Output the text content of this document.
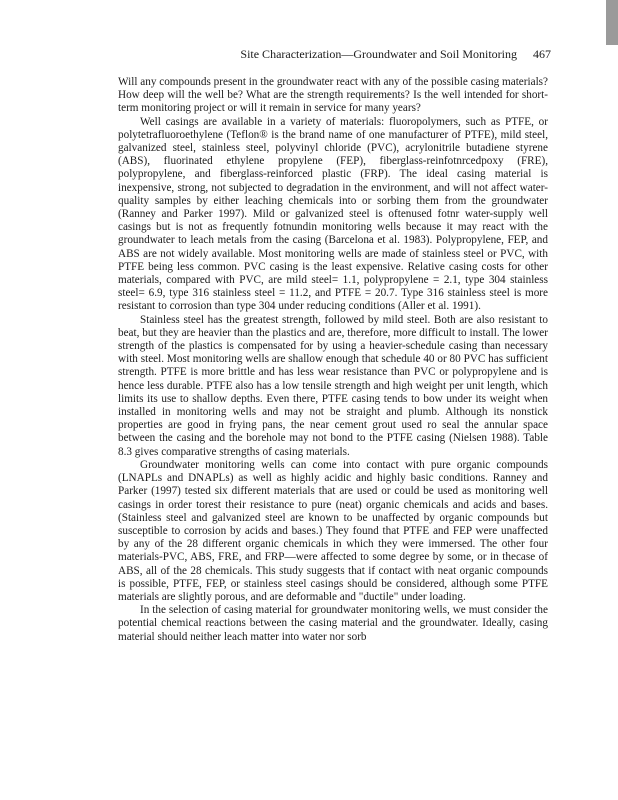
Site Characterization—Groundwater and Soil Monitoring 467

Will any compounds present in the groundwater react with any of the possible casing materials? How deep will the well be? What are the strength requirements? Is the well intended for short-term monitoring project or will it remain in service for many years?

Well casings are available in a variety of materials: fluoropolymers, such as PTFE, or polytetrafluoroethylene (Teflon® is the brand name of one manufacturer of PTFE), mild steel, galvanized steel, stainless steel, polyvinyl chloride (PVC), acrylonitrile butadiene styrene (ABS), fluorinated ethylene propylene (FEP), fiberglass-reinfotnrcedpoxy (FRE), polypropylene, and fiberglass-reinforced plastic (FRP). The ideal casing material is inexpensive, strong, not subjected to degradation in the environment, and will not affect water-quality samples by either leaching chemicals into or sorbing them from the groundwater (Ranney and Parker 1997). Mild or galvanized steel is oftenused fotnr water-supply well casings but is not as frequently fotnundin monitoring wells because it may react with the groundwater to leach metals from the casing (Barcelona et al. 1983). Polypropylene, FEP, and ABS are not widely available. Most monitoring wells are made of stainless steel or PVC, with PTFE being less common. PVC casing is the least expensive. Relative casing costs for other materials, compared with PVC, are mild steel= 1.1, polypropylene = 2.1, type 304 stainless steel= 6.9, type 316 stainless steel = 11.2, and PTFE = 20.7. Type 316 stainless steel is more resistant to corrosion than type 304 under reducing conditions (Aller et al. 1991).

Stainless steel has the greatest strength, followed by mild steel. Both are also resistant to beat, but they are heavier than the plastics and are, therefore, more difficult to install. The lower strength of the plastics is compensated for by using a heavier-schedule casing than necessary with steel. Most monitoring wells are shallow enough that schedule 40 or 80 PVC has sufficient strength. PTFE is more brittle and has less wear resistance than PVC or polypropylene and is hence less durable. PTFE also has a low tensile strength and high weight per unit length, which limits its use to shallow depths. Even there, PTFE casing tends to bow under its weight when installed in monitoring wells and may not be straight and plumb. Although its nonstick properties are good in frying pans, the near cement grout used ro seal the annular space between the casing and the borehole may not bond to the PTFE casing (Nielsen 1988). Table 8.3 gives comparative strengths of casing materials.

Groundwater monitoring wells can come into contact with pure organic compounds (LNAPLs and DNAPLs) as well as highly acidic and highly basic conditions. Ranney and Parker (1997) tested six different materials that are used or could be used as monitoring well casings in order torest their resistance to pure (neat) organic chemicals and acids and bases. (Stainless steel and galvanized steel are known to be unaffected by organic compounds but susceptible to corrosion by acids and bases.) They found that PTFE and FEP were unaffected by any of the 28 different organic chemicals in which they were immersed. The other four materials-PVC, ABS, FRE, and FRP—were affected to some degree by some, or in thecase of ABS, all of the 28 chemicals. This study suggests that if contact with neat organic compounds is possible, PTFE, FEP, or stainless steel casings should be considered, although some PTFE materials are slightly porous, and are deformable and "ductile" under loading.

In the selection of casing material for groundwater monitoring wells, we must consider the potential chemical reactions between the casing material and the groundwater. Ideally, casing material should neither leach matter into water nor sorb
